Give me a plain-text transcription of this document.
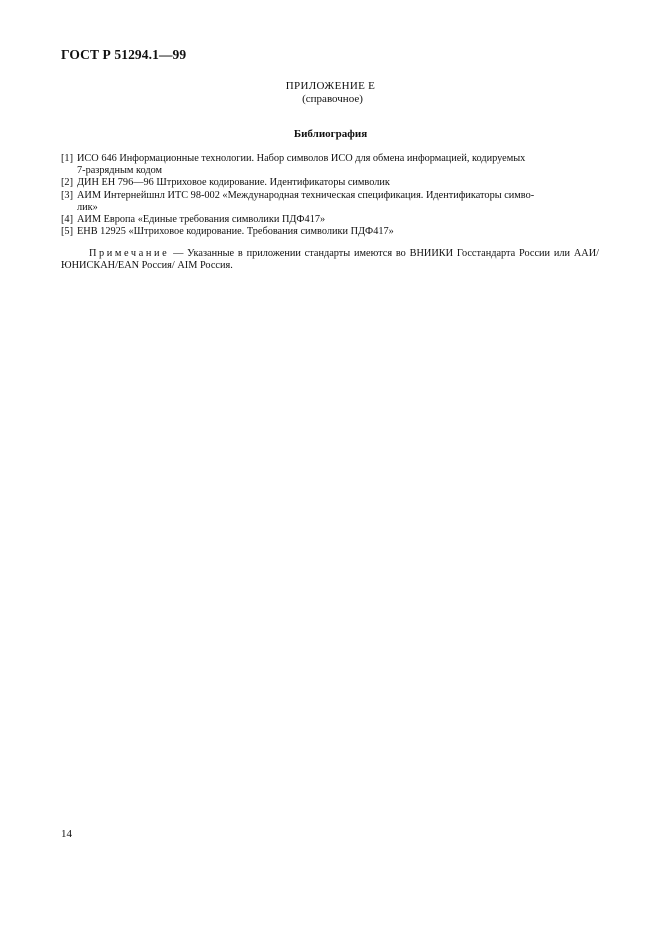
ГОСТ Р 51294.1—99
ПРИЛОЖЕНИЕ Е
(справочное)
Библиография
[1] ИСО 646 Информационные технологии. Набор символов ИСО для обмена информацией, кодируемых
7-разрядным кодом
[2] ДИН ЕН 796—96 Штриховое кодирование. Идентификаторы символик
[3] АИМ Интернейшнл ИТС 98-002 «Международная техническая спецификация. Идентификаторы симво-
лик»
[4] АИМ Европа «Единые требования символики ПДФ417»
[5] ЕНВ 12925 «Штриховое кодирование. Требования символики ПДФ417»
Примечание — Указанные в приложении стандарты имеются во ВНИИКИ Госстандарта России или ААИ/ЮНИСКАН/EAN Россия/ AIM Россия.
14
